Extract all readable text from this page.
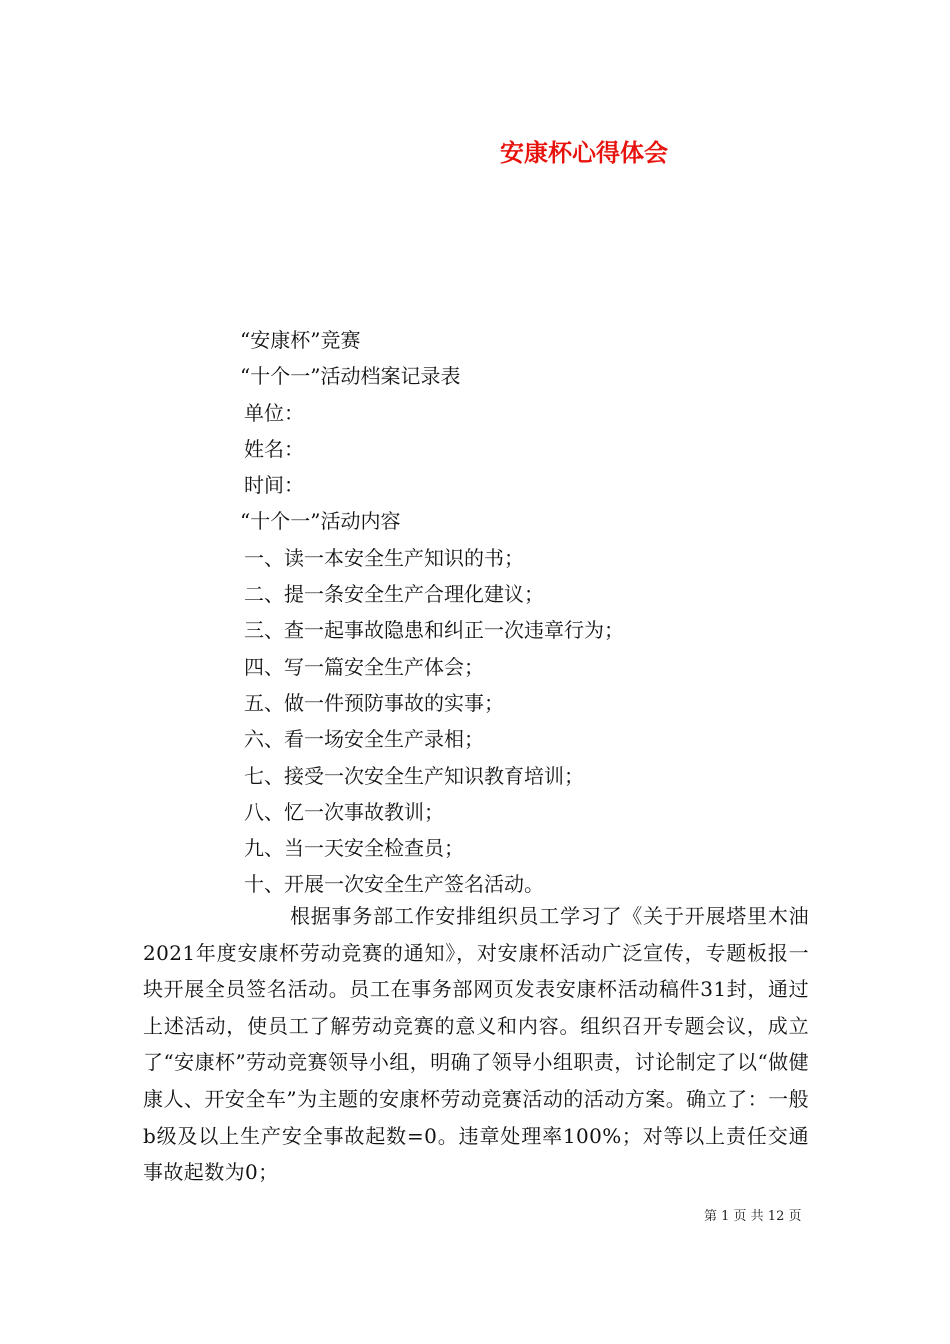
安康杯心得体会
“安康杯”竞赛
“十个一”活动档案记录表
单位：
姓名：
时间：
“十个一”活动内容
一、读一本安全生产知识的书；
二、提一条安全生产合理化建议；
三、查一起事故隐患和纠正一次违章行为；
四、写一篇安全生产体会；
五、做一件预防事故的实事；
六、看一场安全生产录相；
七、接受一次安全生产知识教育培训；
八、忆一次事故教训；
九、当一天安全检查员；
十、开展一次安全生产签名活动。
根据事务部工作安排组织员工学习了《关于开展塔里木油2021年度安康杯劳动竞赛的通知》，对安康杯活动广泛宣传，专题板报一块开展全员签名活动。员工在事务部网页发表安康杯活动稿件31封，通过上述活动，使员工了解劳动竞赛的意义和内容。组织召开专题会议，成立了“安康杯”劳动竞赛领导小组，明确了领导小组职责，讨论制定了以“做健康人、开安全车”为主题的安康杯劳动竞赛活动的活动方案。确立了：一般b级及以上生产安全事故起数=0。违章处理率100%；对等以上责任交通事故起数为0；
第 1 页 共 12 页
